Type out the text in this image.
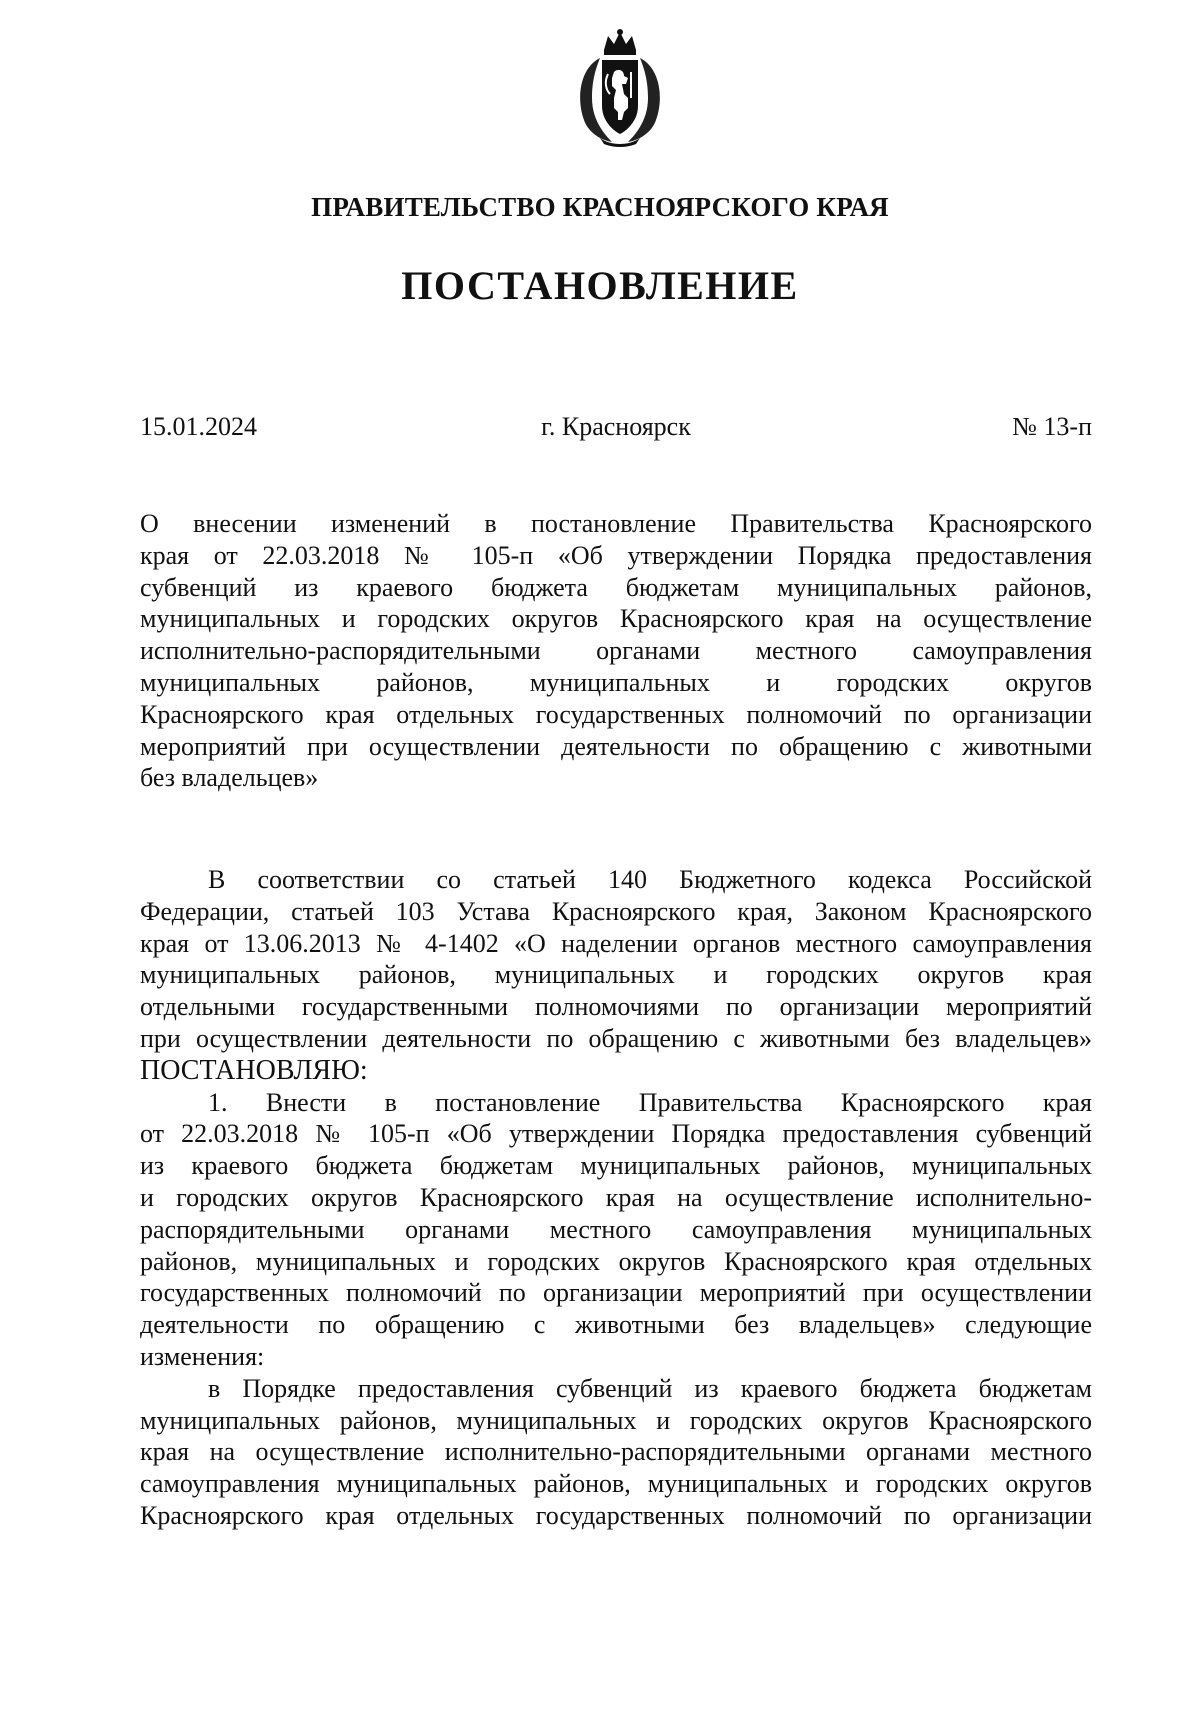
ПРАВИТЕЛЬСТВО КРАСНОЯРСКОГО КРАЯ
ПОСТАНОВЛЕНИЕ
15.01.2024	г. Красноярск	№ 13-п
О внесении изменений в постановление Правительства Красноярского
края от 22.03.2018 № 105-п «Об утверждении Порядка предоставления
субвенций из краевого бюджета бюджетам муниципальных районов,
муниципальных и городских округов Красноярского края на осуществление
исполнительно-распорядительными органами местного самоуправления
муниципальных районов, муниципальных и городских округов
Красноярского края отдельных государственных полномочий по организации
мероприятий при осуществлении деятельности по обращению с животными
без владельцев»
В соответствии со статьей 140 Бюджетного кодекса Российской
Федерации, статьей 103 Устава Красноярского края, Законом Красноярского
края от 13.06.2013 № 4-1402 «О наделении органов местного самоуправления
муниципальных районов, муниципальных и городских округов края
отдельными государственными полномочиями по организации мероприятий
при осуществлении деятельности по обращению с животными без владельцев»
ПОСТАНОВЛЯЮ:
1. Внести в постановление Правительства Красноярского края
от 22.03.2018 № 105-п «Об утверждении Порядка предоставления субвенций
из краевого бюджета бюджетам муниципальных районов, муниципальных
и городских округов Красноярского края на осуществление исполнительно-
распорядительными органами местного самоуправления муниципальных
районов, муниципальных и городских округов Красноярского края отдельных
государственных полномочий по организации мероприятий при осуществлении
деятельности по обращению с животными без владельцев» следующие
изменения:
в Порядке предоставления субвенций из краевого бюджета бюджетам
муниципальных районов, муниципальных и городских округов Красноярского
края на осуществление исполнительно-распорядительными органами местного
самоуправления муниципальных районов, муниципальных и городских округов
Красноярского края отдельных государственных полномочий по организации
